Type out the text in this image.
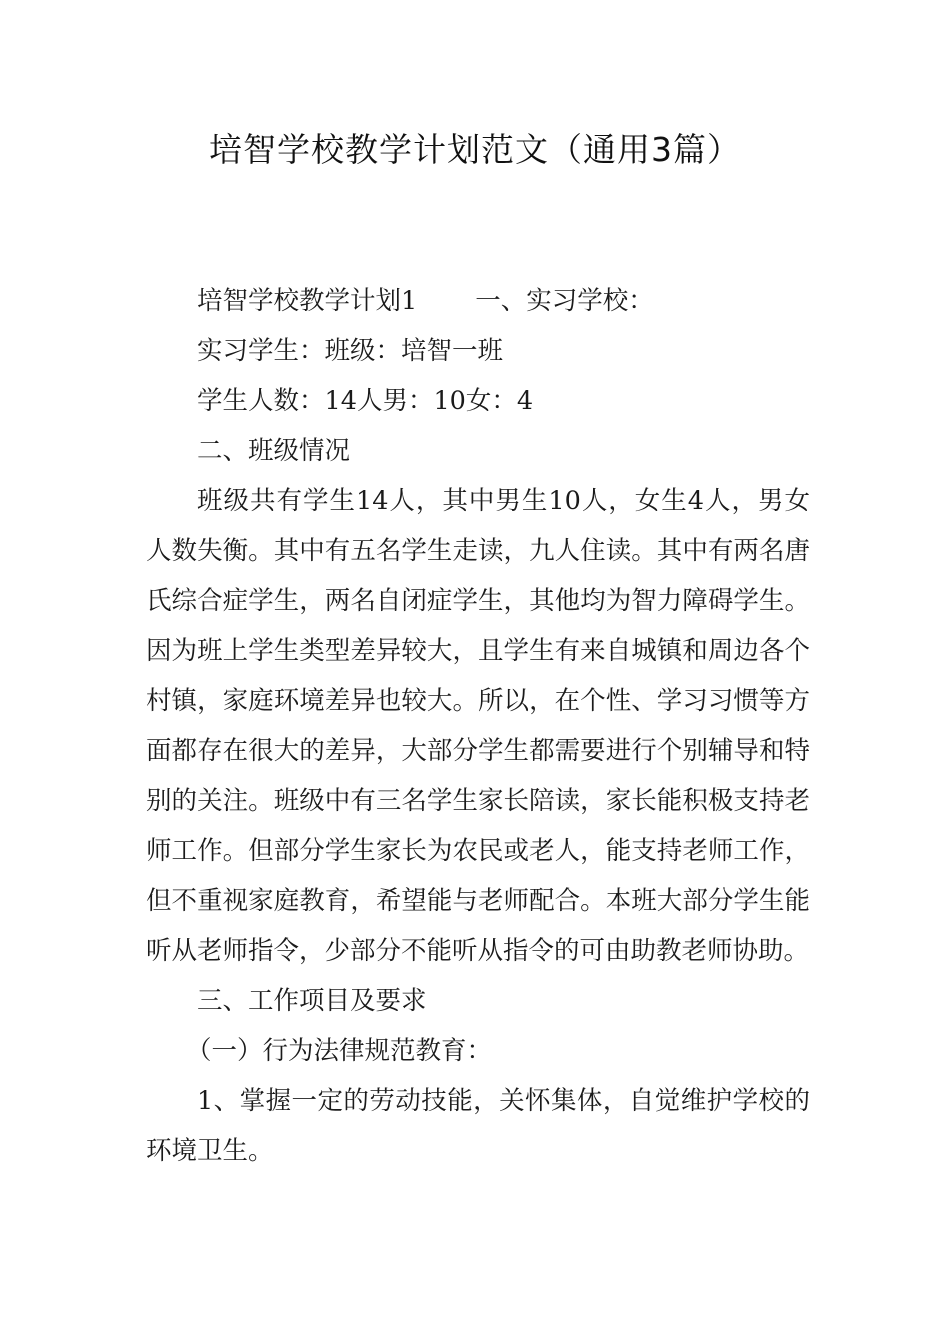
培智学校教学计划范文（通用3篇）

培智学校教学计划1 一、实习学校：

实习学生：班级：培智一班

学生人数：14人男：10女：4

二、班级情况

班级共有学生14人，其中男生10人，女生4人，男女人数失衡。其中有五名学生走读，九人住读。其中有两名唐氏综合症学生，两名自闭症学生，其他均为智力障碍学生。因为班上学生类型差异较大，且学生有来自城镇和周边各个村镇，家庭环境差异也较大。所以，在个性、学习习惯等方面都存在很大的差异，大部分学生都需要进行个别辅导和特别的关注。班级中有三名学生家长陪读，家长能积极支持老师工作。但部分学生家长为农民或老人，能支持老师工作，但不重视家庭教育，希望能与老师配合。本班大部分学生能听从老师指令，少部分不能听从指令的可由助教老师协助。

三、工作项目及要求

（一）行为法律规范教育：

1、掌握一定的劳动技能，关怀集体，自觉维护学校的环境卫生。
